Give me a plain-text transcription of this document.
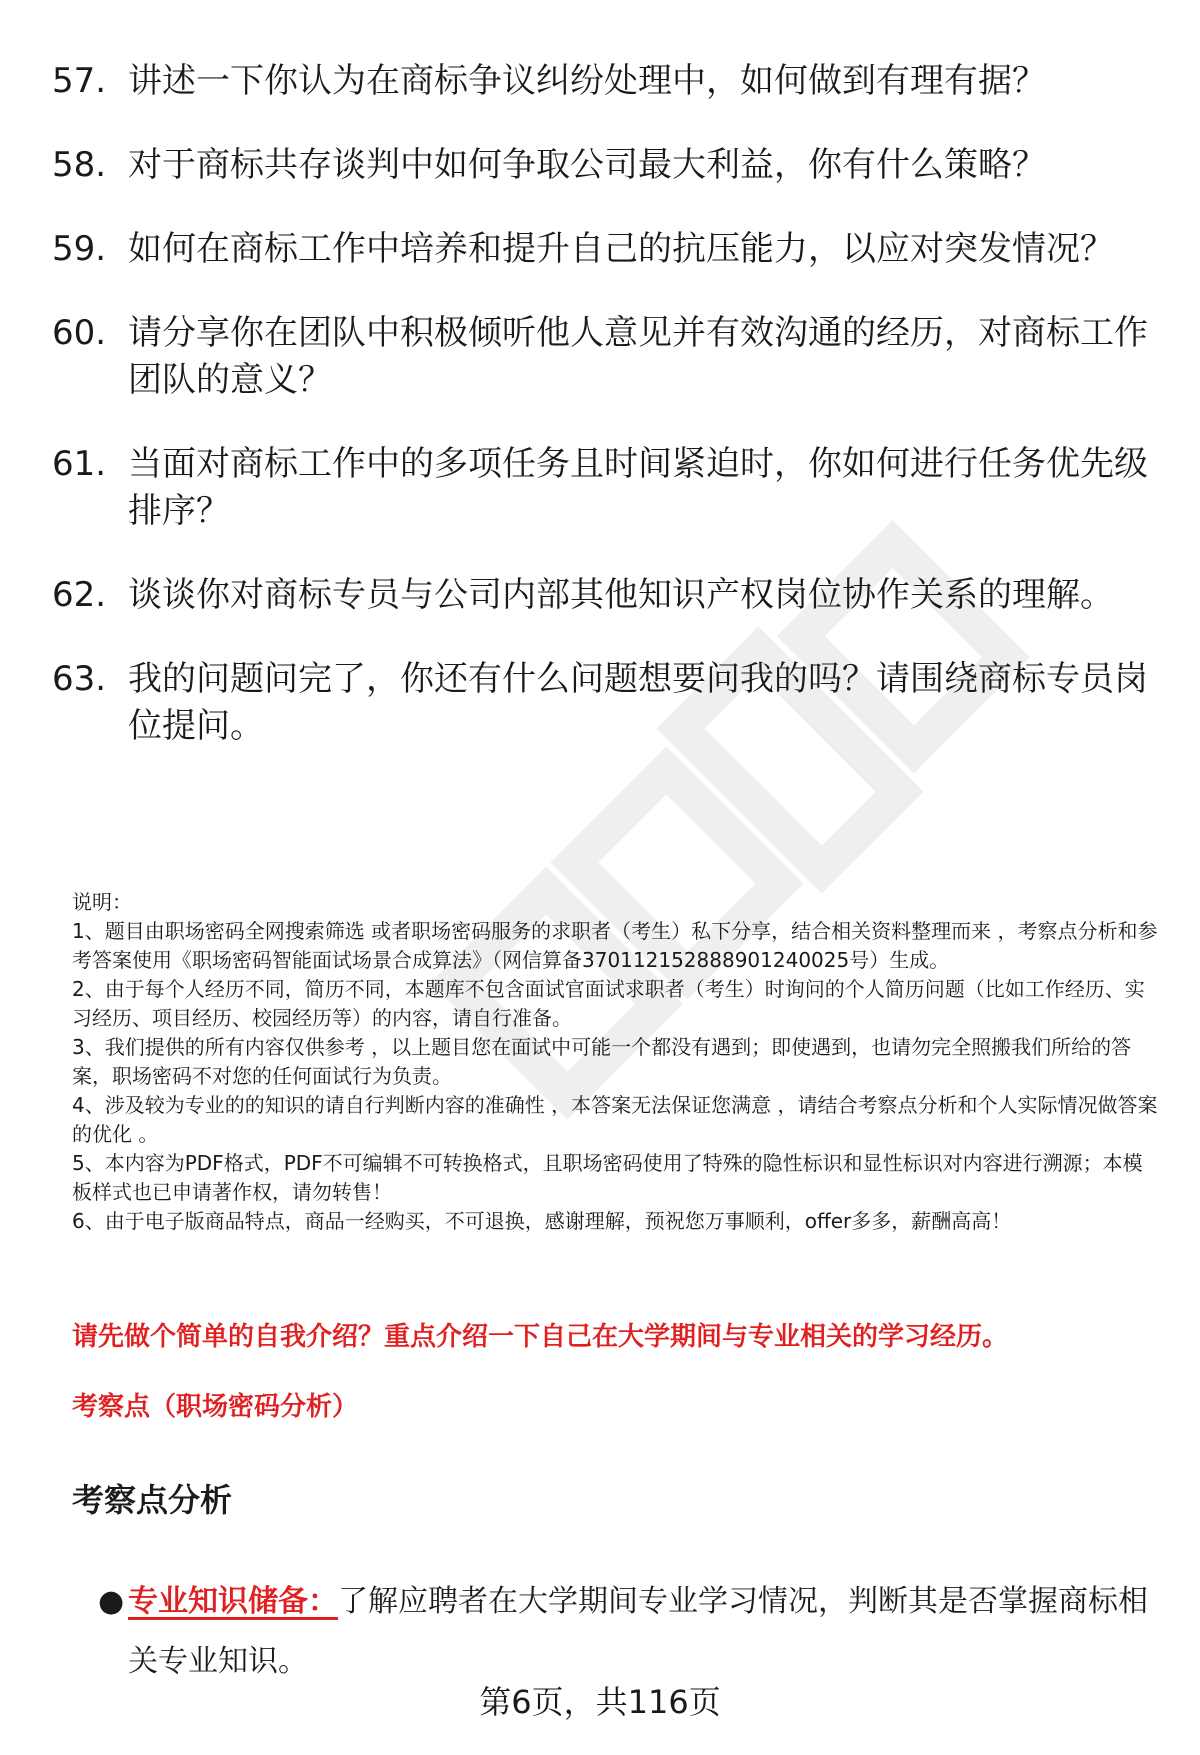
57. 讲述一下你认为在商标争议纠纷处理中，如何做到有理有据？
58. 对于商标共存谈判中如何争取公司最大利益，你有什么策略？
59. 如何在商标工作中培养和提升自己的抗压能力，以应对突发情况？
60. 请分享你在团队中积极倾听他人意见并有效沟通的经历，对商标工作团队的意义？
61. 当面对商标工作中的多项任务且时间紧迫时，你如何进行任务优先级排序？
62. 谈谈你对商标专员与公司内部其他知识产权岗位协作关系的理解。
63. 我的问题问完了，你还有什么问题想要问我的吗？请围绕商标专员岗位提问。
说明：
1、题目由职场密码全网搜索筛选 或者职场密码服务的求职者（考生）私下分享，结合相关资料整理而来 ，考察点分析和参考答案使用《职场密码智能面试场景合成算法》（网信算备370112152888901240025号）生成。
2、由于每个人经历不同，简历不同，本题库不包含面试官面试求职者（考生）时询问的个人简历问题（比如工作经历、实习经历、项目经历、校园经历等）的内容，请自行准备。
3、我们提供的所有内容仅供参考 ，以上题目您在面试中可能一个都没有遇到；即使遇到，也请勿完全照搬我们所给的答案，职场密码不对您的任何面试行为负责。
4、涉及较为专业的的知识的请自行判断内容的准确性 ，本答案无法保证您满意 ，请结合考察点分析和个人实际情况做答案的优化 。
5、本内容为PDF格式，PDF不可编辑不可转换格式，且职场密码使用了特殊的隐性标识和显性标识对内容进行溯源；本模板样式也已申请著作权，请勿转售！
6、由于电子版商品特点，商品一经购买，不可退换，感谢理解，预祝您万事顺利，offer多多，薪酬高高！
请先做个简单的自我介绍？重点介绍一下自己在大学期间与专业相关的学习经历。
考察点（职场密码分析）
考察点分析
● 专业知识储备：了解应聘者在大学期间专业学习情况，判断其是否掌握商标相关专业知识。
第6页，共116页
